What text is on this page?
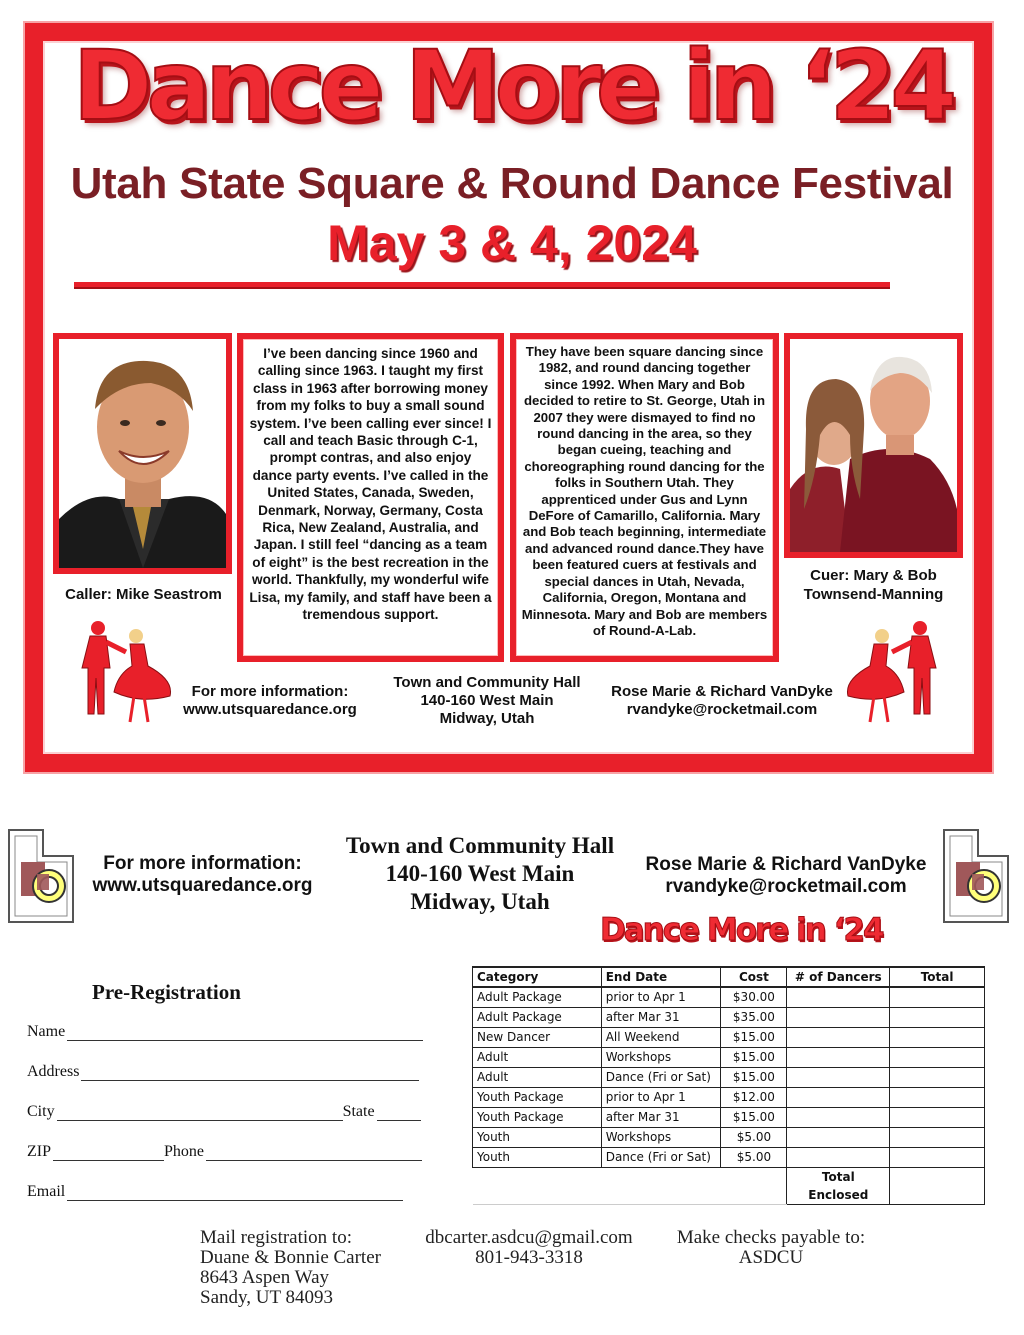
Dance More in ‘24
Utah State Square & Round Dance Festival
May 3 & 4, 2024
I’ve been dancing since 1960 and calling since 1963. I taught my first class in 1963 after borrowing money from my folks to buy a small sound system. I’ve been calling ever since! I call and teach Basic through C-1, prompt contras, and also enjoy dance party events. I’ve called in the United States, Canada, Sweden, Denmark, Norway, Germany, Costa Rica, New Zealand, Australia, and Japan. I still feel “dancing as a team of eight” is the best recreation in the world. Thankfully, my wonderful wife Lisa, my family, and staff have been a tremendous support.
They have been square dancing since 1982, and round dancing together since 1992. When Mary and Bob decided to retire to St. George, Utah in 2007 they were dismayed to find no round dancing in the area, so they began cueing, teaching and choreographing round dancing for the folks in Southern Utah. They apprenticed under Gus and Lynn DeFore of Camarillo, California. Mary and Bob teach beginning, intermediate and advanced round dance.They have been featured cuers at festivals and special dances in Utah, Nevada, California, Oregon, Montana and Minnesota. Mary and Bob are members of Round-A-Lab.
Caller: Mike Seastrom
Cuer: Mary & Bob
Townsend-Manning
For more information:
www.utsquaredance.org
Town and Community Hall
140-160 West Main
Midway, Utah
Rose Marie & Richard VanDyke
rvandyke@rocketmail.com
For more information:
www.utsquaredance.org
Town and Community Hall
140-160 West Main
Midway, Utah
Rose Marie & Richard VanDyke
rvandyke@rocketmail.com
Dance More in ‘24
Pre-Registration
Name
Address
City	State
ZIP	Phone
Email
Category	End Date	Cost	# of Dancers	Total
Adult Package	prior to Apr 1	$30.00		
Adult Package	after Mar 31	$35.00		
New Dancer	All Weekend	$15.00		
Adult	Workshops	$15.00		
Adult	Dance (Fri or Sat)	$15.00		
Youth Package	prior to Apr 1	$12.00		
Youth Package	after Mar 31	$15.00		
Youth	Workshops	$5.00		
Youth	Dance (Fri or Sat)	$5.00		
			Total Enclosed	
Mail registration to:
Duane & Bonnie Carter
8643 Aspen Way
Sandy, UT 84093
dbcarter.asdcu@gmail.com
801-943-3318
Make checks payable to:
ASDCU
